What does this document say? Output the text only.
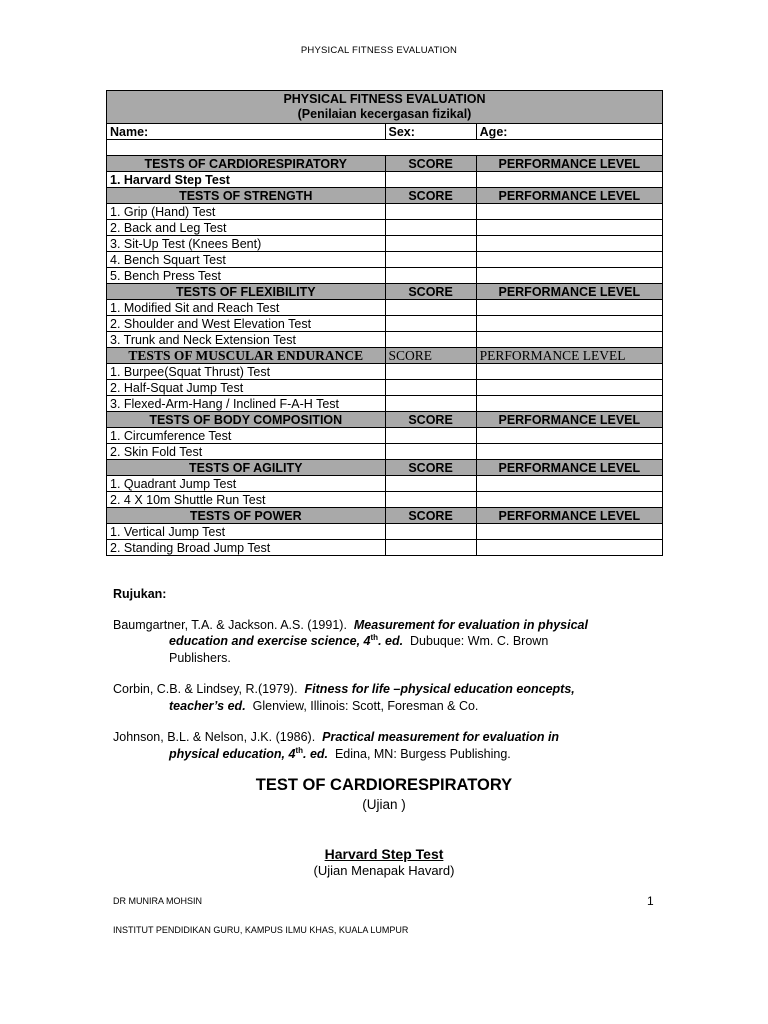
PHYSICAL FITNESS EVALUATION
PHYSICAL FITNESS EVALUATION
(Penilaian kecergasan fizikal)		

Name:	Sex:	Age:

TESTS OF CARDIORESPIRATORY	SCORE	PERFORMANCE LEVEL
1. Harvard Step Test		
TESTS OF STRENGTH	SCORE	PERFORMANCE LEVEL
1. Grip (Hand) Test		
2. Back and Leg Test		
3. Sit-Up Test (Knees Bent)		
4. Bench Squart Test		
5. Bench Press Test		
TESTS OF FLEXIBILITY	SCORE	PERFORMANCE LEVEL
1. Modified Sit and Reach Test		
2. Shoulder and West Elevation Test		
3. Trunk and Neck Extension Test		
TESTS OF MUSCULAR ENDURANCE	SCORE	PERFORMANCE LEVEL
1. Burpee(Squat Thrust) Test		
2. Half-Squat Jump Test		
3. Flexed-Arm-Hang / Inclined F-A-H Test		
TESTS OF BODY COMPOSITION	SCORE	PERFORMANCE LEVEL
1. Circumference Test		
2. Skin Fold Test		
TESTS OF AGILITY	SCORE	PERFORMANCE LEVEL
1. Quadrant Jump Test		
2. 4 X 10m Shuttle Run Test		
TESTS OF POWER	SCORE	PERFORMANCE LEVEL
1. Vertical Jump Test		
2. Standing Broad Jump Test		
Rujukan:
Baumgartner, T.A. & Jackson. A.S. (1991). Measurement for evaluation in physical
education and exercise science, 4th. ed. Dubuque: Wm. C. Brown
Publishers.
Corbin, C.B. & Lindsey, R.(1979). Fitness for life –physical education eoncepts,
teacher’s ed. Glenview, Illinois: Scott, Foresman & Co.
Johnson, B.L. & Nelson, J.K. (1986). Practical measurement for evaluation in
physical education, 4th. ed. Edina, MN: Burgess Publishing.
TEST OF CARDIORESPIRATORY
(Ujian )
Harvard Step Test
(Ujian Menapak Havard)
DR MUNIRA MOHSIN	1
INSTITUT PENDIDIKAN GURU, KAMPUS ILMU KHAS, KUALA LUMPUR
